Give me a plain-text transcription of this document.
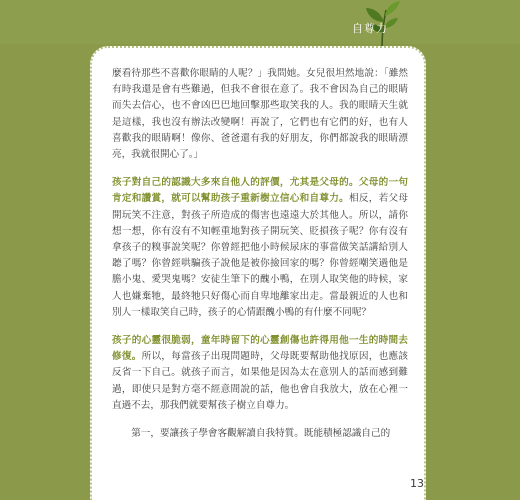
自尊力

麼看待那些不喜歡你眼睛的人呢？」我問她。女兒很坦然地說：「雖然有時我還是會有些難過，但我不會很在意了。我不會因為自己的眼睛而失去信心，也不會凶巴巴地回擊那些取笑我的人。我的眼睛天生就是這樣，我也沒有辦法改變啊！再說了，它們也有它們的好，也有人喜歡我的眼睛啊！像你、爸爸還有我的好朋友，你們都說我的眼睛漂亮，我就很開心了。」

孩子對自己的認識大多來自他人的評價，尤其是父母的。父母的一句肯定和讚賞，就可以幫助孩子重新樹立信心和自尊力。相反，若父母開玩笑不注意，對孩子所造成的傷害也遠遠大於其他人。所以，請你想一想，你有沒有不知輕重地對孩子開玩笑、貶損孩子呢？你有沒有拿孩子的糗事說笑呢？你曾經把他小時候尿床的事當做笑話講給別人聽了嗎？你曾經哄騙孩子說他是被你撿回家的嗎？你曾經嘲笑過他是膽小鬼、愛哭鬼嗎？安徒生筆下的醜小鴨，在別人取笑他的時候，家人也嫌棄牠，最終牠只好傷心而自卑地離家出走。當最親近的人也和別人一樣取笑自己時，孩子的心情跟醜小鴨的有什麼不同呢？

孩子的心靈很脆弱，童年時留下的心靈創傷也許得用他一生的時間去修復。所以，每當孩子出現問題時，父母既要幫助他找原因，也應該反省一下自己。就孩子而言，如果他是因為太在意別人的話而感到難過，即使只是對方毫不經意間說的話，他也會自我放大，放在心裡一直過不去，那我們就要幫孩子樹立自尊力。

第一，要讓孩子學會客觀解讀自我特質。既能積極認識自己的

13
